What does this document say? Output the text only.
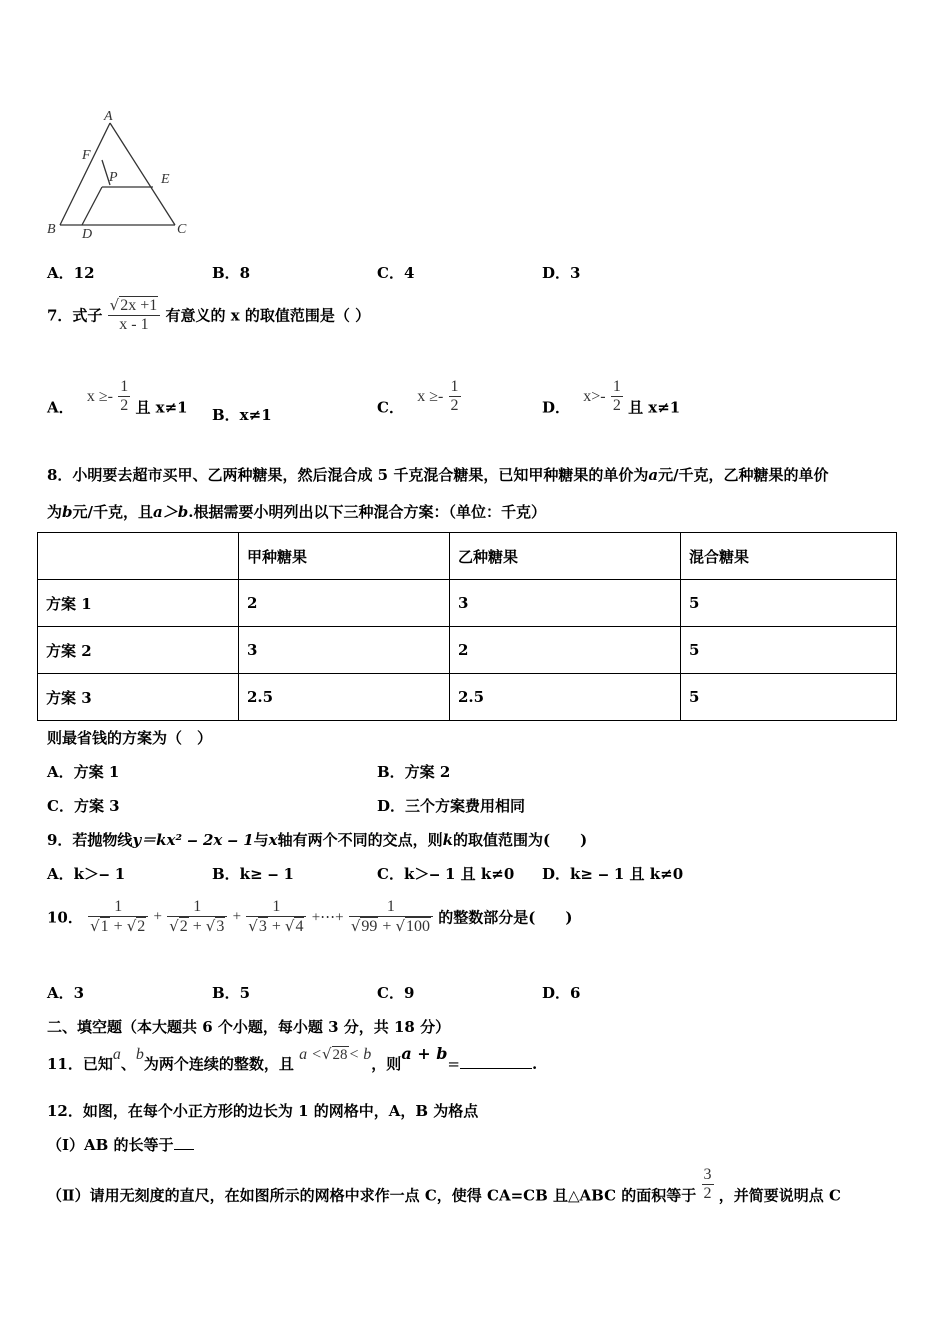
A
F
P	E
B D	C
A．12	B．8	C．4	D．3
7．式子 $\frac{√2x +1}{x - 1}$ 有意义的 x 的取值范围是（ ）
A． $x \ge- \frac{1}{2}$ 且 x≠1 B．x≠1	C． $x \ge- \frac{1}{2}$	D． $x>- \frac{1}{2}$ 且 x≠1
8．小明要去超市买甲、乙两种糖果，然后混合成 5 千克混合糖果，已知甲种糖果的单价为a元/千克，乙种糖果的单价
为b元/千克，且a＞b.根据需要小明列出以下三种混合方案：（单位：千克）
	甲种糖果	乙种糖果	混合糖果
方案 1	2	3	5
方案 2	3	2	5
方案 3	2.5	2.5	5
则最省钱的方案为（　）
A．方案 1	B．方案 2
C．方案 3	D．三个方案费用相同
9．若抛物线y＝kx² ‒ 2x ‒ 1与x轴有两个不同的交点，则k的取值范围为(　　)
A．k＞‒ 1	B．k≥ ‒ 1	C．k＞‒ 1 且 k≠0 D．k≥ ‒ 1 且 k≠0
10． $\frac{1}{√1 + √2} + \frac{1}{√2 + √3} + \frac{1}{√3 + √4}$ +⋯+ $\frac{1}{√99 + √100}$ 的整数部分是(　　)
A．3	B．5	C．9	D．6
二、填空题（本大题共 6 个小题，每小题 3 分，共 18 分）
11．已知a、b为两个连续的整数，且 a <√28< b，则a + b=	.
12．如图，在每个小正方形的边长为 1 的网格中，A，B 为格点
（Ⅰ）AB 的长等于
（Ⅱ）请用无刻度的直尺，在如图所示的网格中求作一点 C，使得 CA=CB 且△ABC 的面积等于 $\frac{3}{2}$ ，并简要说明点 C
